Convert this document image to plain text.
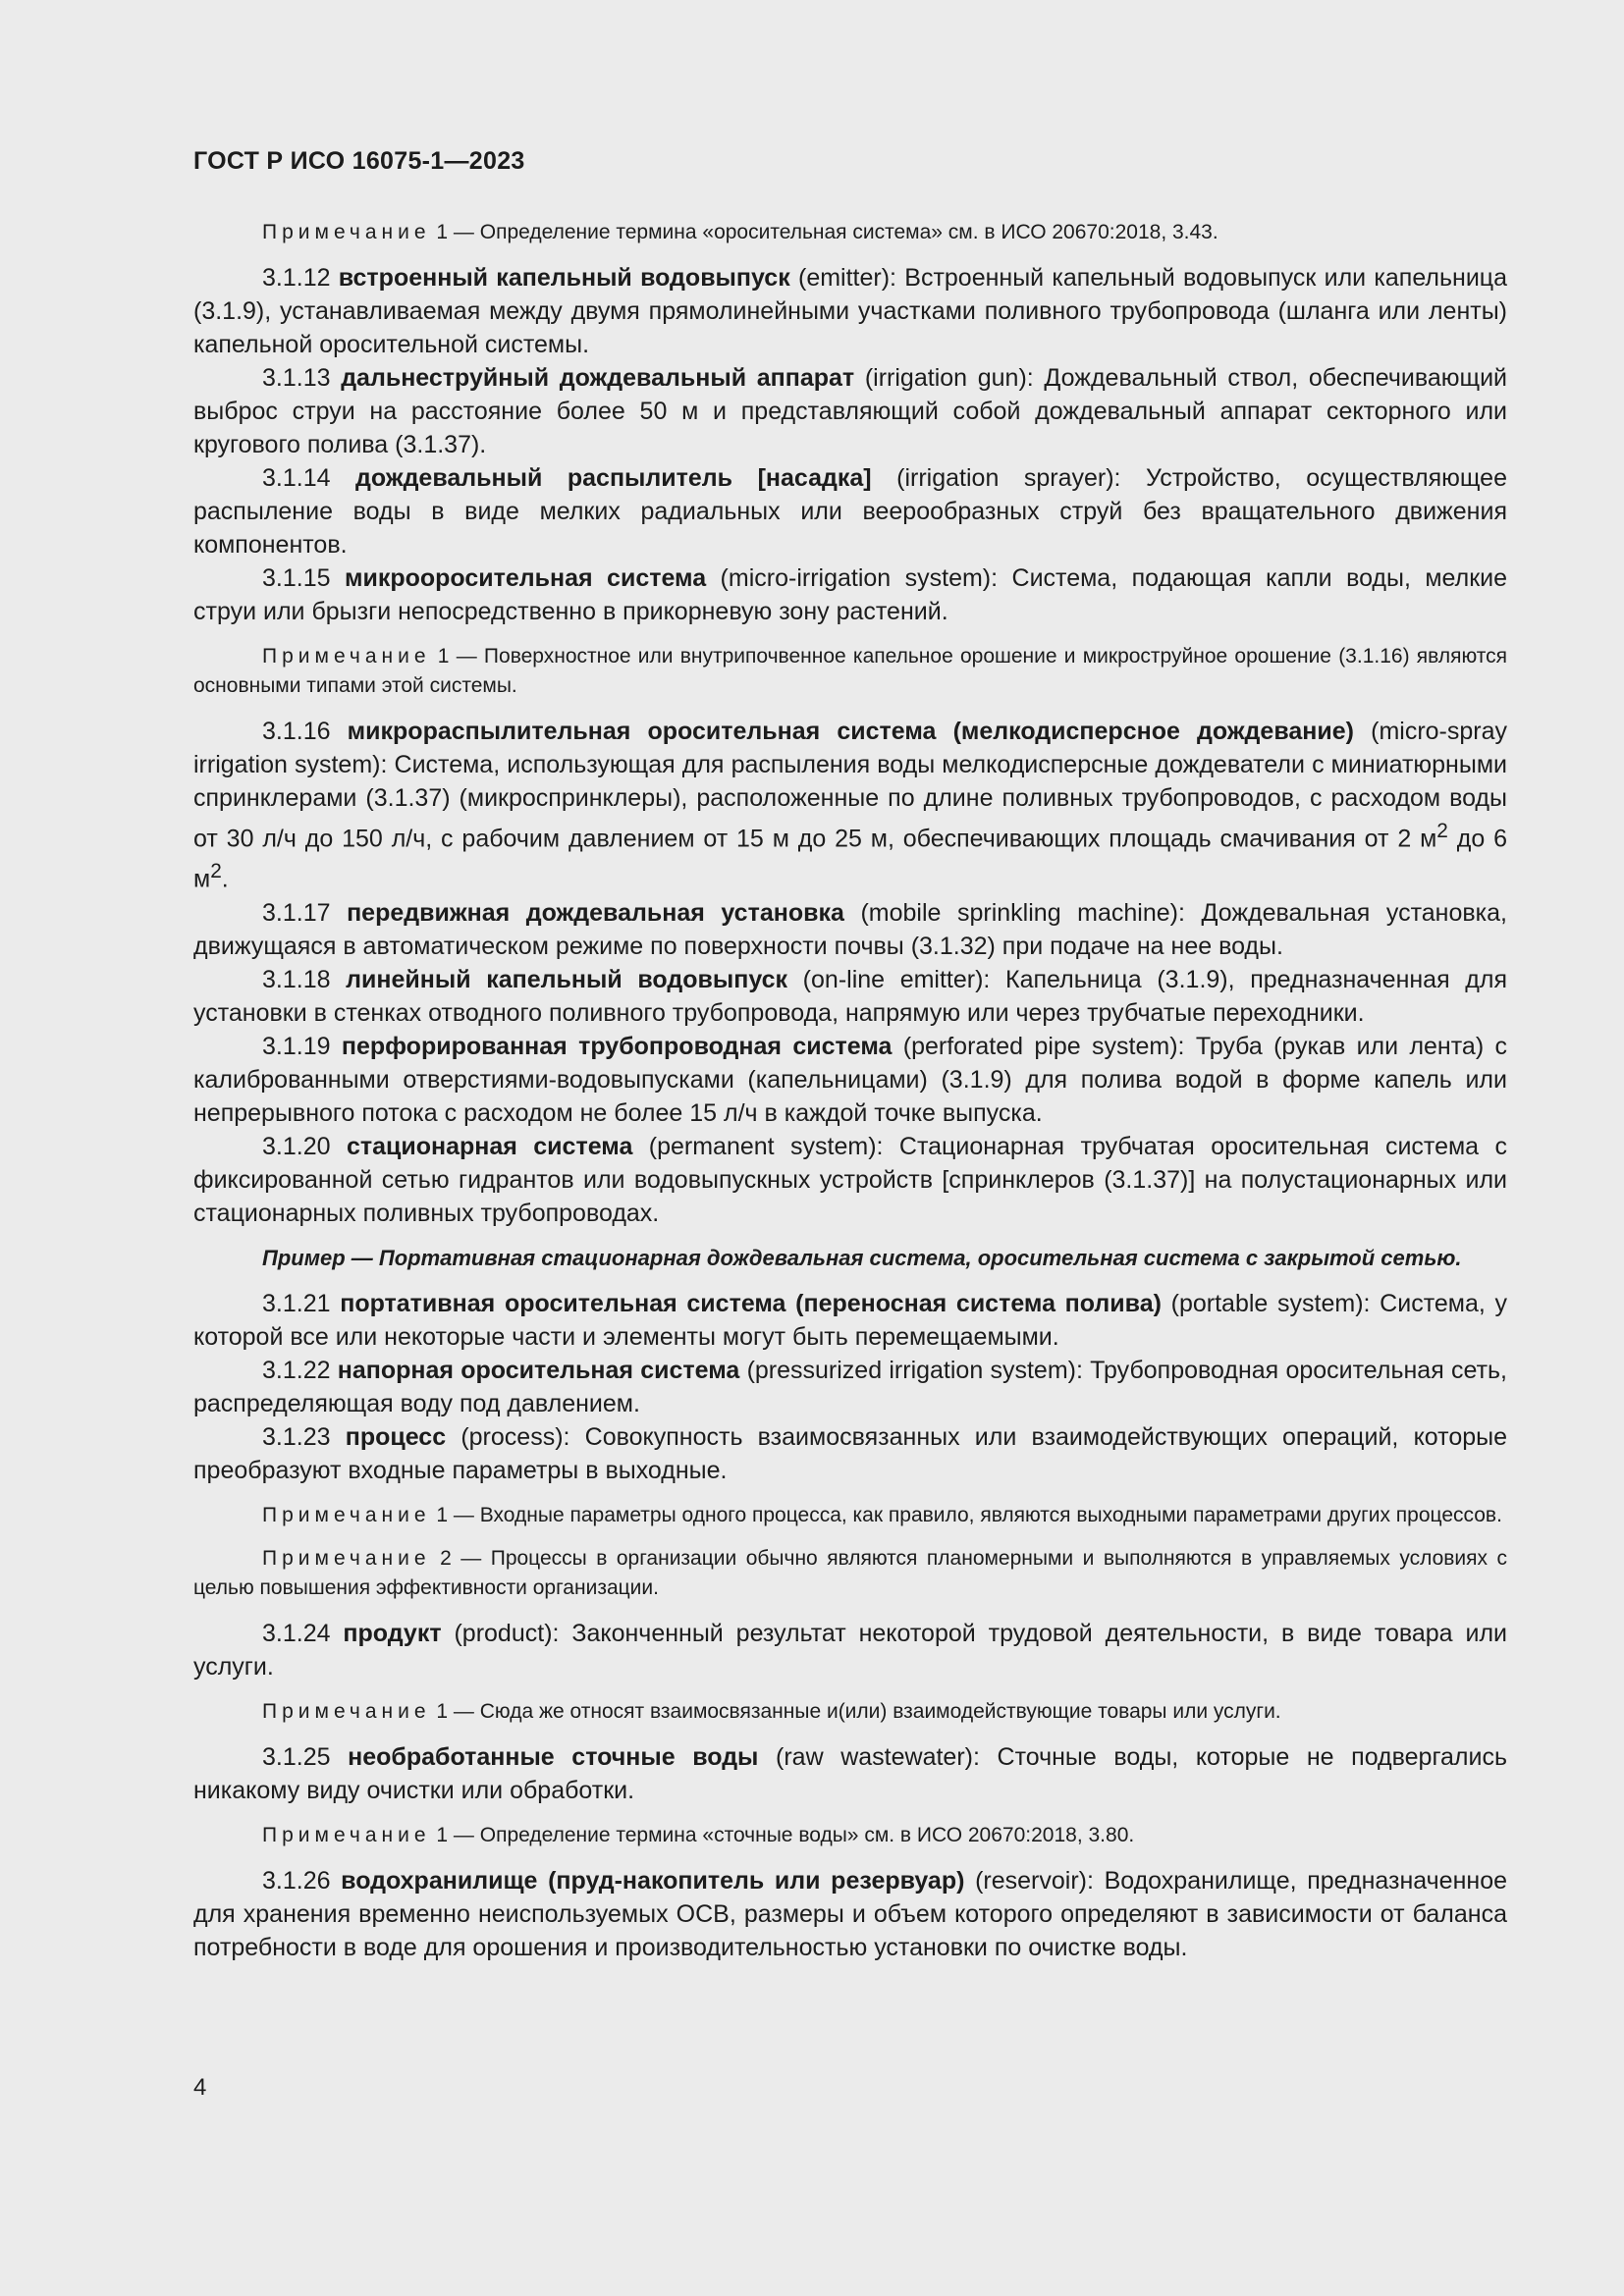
ГОСТ Р ИСО 16075-1—2023

Примечание 1 — Определение термина «оросительная система» см. в ИСО 20670:2018, 3.43.

3.1.12 встроенный капельный водовыпуск (emitter): Встроенный капельный водовыпуск или капельница (3.1.9), устанавливаемая между двумя прямолинейными участками поливного трубопровода (шланга или ленты) капельной оросительной системы.

3.1.13 дальнеструйный дождевальный аппарат (irrigation gun): Дождевальный ствол, обеспечивающий выброс струи на расстояние более 50 м и представляющий собой дождевальный аппарат секторного или кругового полива (3.1.37).

3.1.14 дождевальный распылитель [насадка] (irrigation sprayer): Устройство, осуществляющее распыление воды в виде мелких радиальных или веерообразных струй без вращательного движения компонентов.

3.1.15 микрооросительная система (micro-irrigation system): Система, подающая капли воды, мелкие струи или брызги непосредственно в прикорневую зону растений.

Примечание 1 — Поверхностное или внутрипочвенное капельное орошение и микроструйное орошение (3.1.16) являются основными типами этой системы.

3.1.16 микрораспылительная оросительная система (мелкодисперсное дождевание) (micro-spray irrigation system): Система, использующая для распыления воды мелкодисперсные дождеватели с миниатюрными спринклерами (3.1.37) (микроспринклеры), расположенные по длине поливных трубопроводов, с расходом воды от 30 л/ч до 150 л/ч, с рабочим давлением от 15 м до 25 м, обеспечивающих площадь смачивания от 2 $м^2$ до 6 $м^2$.

3.1.17 передвижная дождевальная установка (mobile sprinkling machine): Дождевальная установка, движущаяся в автоматическом режиме по поверхности почвы (3.1.32) при подаче на нее воды.

3.1.18 линейный капельный водовыпуск (on-line emitter): Капельница (3.1.9), предназначенная для установки в стенках отводного поливного трубопровода, напрямую или через трубчатые переходники.

3.1.19 перфорированная трубопроводная система (perforated pipe system): Труба (рукав или лента) с калиброванными отверстиями-водовыпусками (капельницами) (3.1.9) для полива водой в форме капель или непрерывного потока с расходом не более 15 л/ч в каждой точке выпуска.

3.1.20 стационарная система (permanent system): Стационарная трубчатая оросительная система с фиксированной сетью гидрантов или водовыпускных устройств [спринклеров (3.1.37)] на полустационарных или стационарных поливных трубопроводах.

Пример — Портативная стационарная дождевальная система, оросительная система с закрытой сетью.

3.1.21 портативная оросительная система (переносная система полива) (portable system): Система, у которой все или некоторые части и элементы могут быть перемещаемыми.

3.1.22 напорная оросительная система (pressurized irrigation system): Трубопроводная оросительная сеть, распределяющая воду под давлением.

3.1.23 процесс (process): Совокупность взаимосвязанных или взаимодействующих операций, которые преобразуют входные параметры в выходные.

Примечание 1 — Входные параметры одного процесса, как правило, являются выходными параметрами других процессов.

Примечание 2 — Процессы в организации обычно являются планомерными и выполняются в управляемых условиях с целью повышения эффективности организации.

3.1.24 продукт (product): Законченный результат некоторой трудовой деятельности, в виде товара или услуги.

Примечание 1 — Сюда же относят взаимосвязанные и(или) взаимодействующие товары или услуги.

3.1.25 необработанные сточные воды (raw wastewater): Сточные воды, которые не подвергались никакому виду очистки или обработки.

Примечание 1 — Определение термина «сточные воды» см. в ИСО 20670:2018, 3.80.

3.1.26 водохранилище (пруд-накопитель или резервуар) (reservoir): Водохранилище, предназначенное для хранения временно неиспользуемых ОСВ, размеры и объем которого определяют в зависимости от баланса потребности в воде для орошения и производительностью установки по очистке воды.

4
